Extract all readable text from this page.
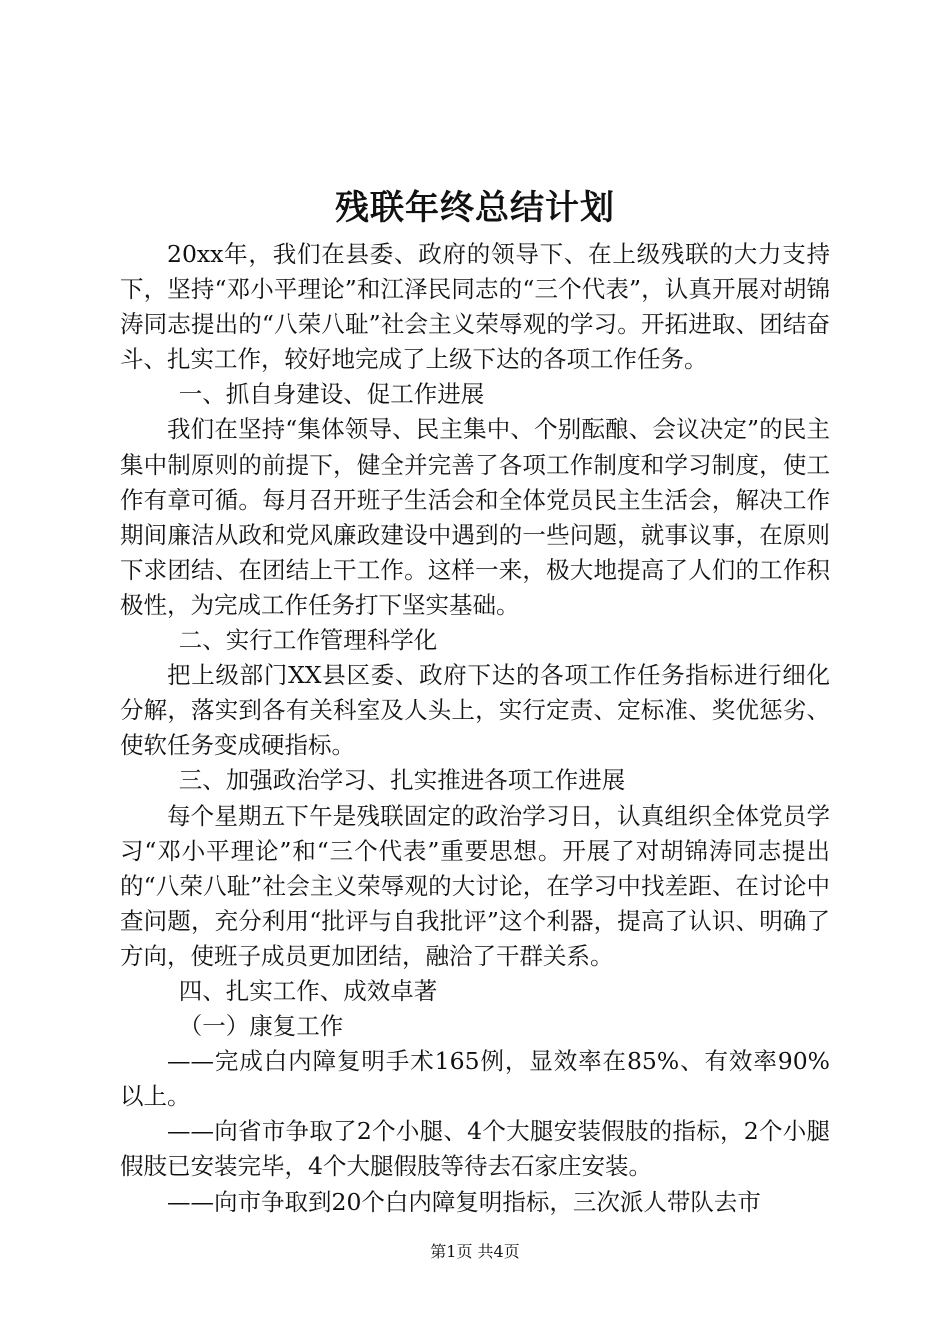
残联年终总结计划

20xx年，我们在县委、政府的领导下、在上级残联的大力支持下，坚持“邓小平理论”和江泽民同志的“三个代表”，认真开展对胡锦涛同志提出的“八荣八耻”社会主义荣辱观的学习。开拓进取、团结奋斗、扎实工作，较好地完成了上级下达的各项工作任务。

一、抓自身建设、促工作进展

我们在坚持“集体领导、民主集中、个别酝酿、会议决定”的民主集中制原则的前提下，健全并完善了各项工作制度和学习制度，使工作有章可循。每月召开班子生活会和全体党员民主生活会，解决工作期间廉洁从政和党风廉政建设中遇到的一些问题，就事议事，在原则下求团结、在团结上干工作。这样一来，极大地提高了人们的工作积极性，为完成工作任务打下坚实基础。

二、实行工作管理科学化

把上级部门XX县区委、政府下达的各项工作任务指标进行细化分解，落实到各有关科室及人头上，实行定责、定标准、奖优惩劣、使软任务变成硬指标。

三、加强政治学习、扎实推进各项工作进展

每个星期五下午是残联固定的政治学习日，认真组织全体党员学习“邓小平理论”和“三个代表”重要思想。开展了对胡锦涛同志提出的“八荣八耻”社会主义荣辱观的大讨论，在学习中找差距、在讨论中查问题，充分利用“批评与自我批评”这个利器，提高了认识、明确了方向，使班子成员更加团结，融洽了干群关系。

四、扎实工作、成效卓著

（一）康复工作

——完成白内障复明手术165例，显效率在85%、有效率90%以上。

——向省市争取了2个小腿、4个大腿安装假肢的指标，2个小腿假肢已安装完毕，4个大腿假肢等待去石家庄安装。

——向市争取到20个白内障复明指标，三次派人带队去市

第1页 共4页
